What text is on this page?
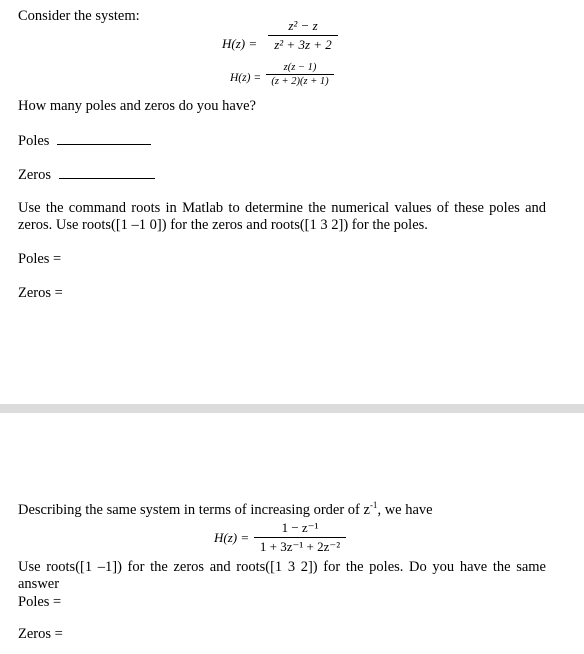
Consider the system:
H(z) =
z² − z
z² + 3z + 2
H(z) =
z(z − 1)
(z + 2)(z + 1)
How many poles and zeros do you have?
Poles
Zeros
Use the command roots in Matlab to determine the numerical values of these poles and zeros. Use roots([1 –1 0]) for the zeros and roots([1 3 2]) for the poles.
Poles =
Zeros =
Describing the same system in terms of increasing order of $z^{-1}$, we have
H(z) =
1 − z⁻¹
1 + 3z⁻¹ + 2z⁻²
Use roots([1 –1]) for the zeros and roots([1 3 2]) for the poles. Do you have the same answer
Poles =
Zeros =
